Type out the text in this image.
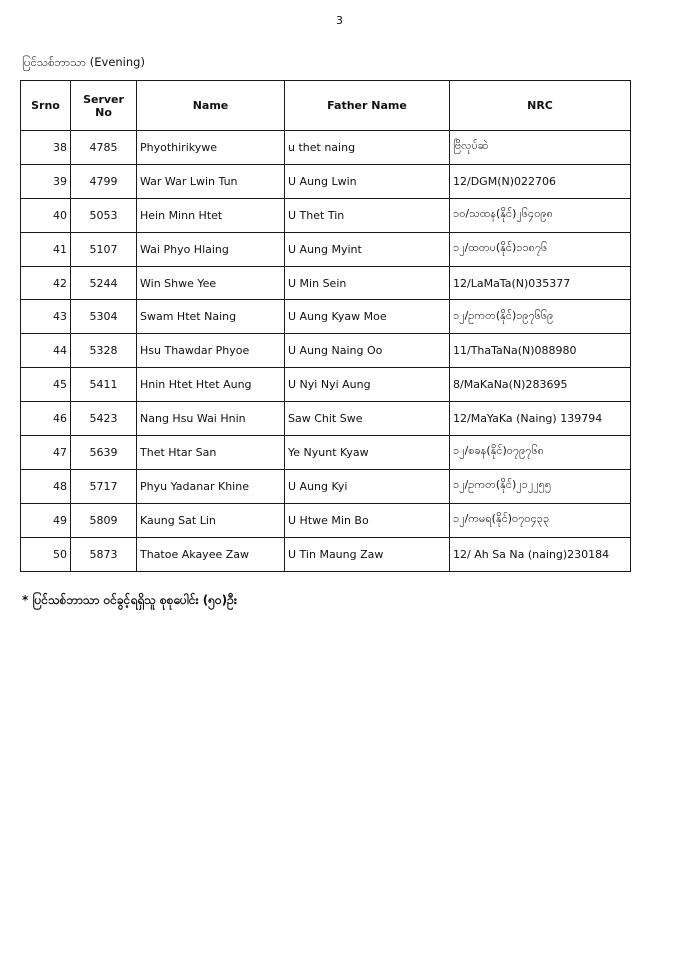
3
ပြင်သစ်ဘာသာ (Evening)
Srno	Server
No	Name	Father Name	NRC
38	4785	Phyothirikywe	u thet naing	ဗြိလုပ်ဆဲ
39	4799	War War Lwin Tun	U Aung Lwin	12/DGM(N)022706
40	5053	Hein Minn Htet	U Thet Tin	၁၀/သထန(နိုင်)၂၆၄၀၉၈
41	5107	Wai Phyo Hlaing	U Aung Myint	၁၂/ထတပ(နိုင်)၁၁၈၇၆
42	5244	Win Shwe Yee	U Min Sein	12/LaMaTa(N)035377
43	5304	Swam Htet Naing	U Aung Kyaw Moe	၁၂/ဥကတ(နိုင်)၁၉၇၆၆၉
44	5328	Hsu Thawdar Phyoe	U Aung Naing Oo	11/ThaTaNa(N)088980
45	5411	Hnin Htet Htet Aung	U Nyi Nyi Aung	8/MaKaNa(N)283695
46	5423	Nang Hsu Wai Hnin	Saw Chit Swe	12/MaYaKa (Naing) 139794
47	5639	Thet Htar San	Ye Nyunt Kyaw	၁၂/စခန(နိုင်)၀၇၉၇၆၈
48	5717	Phyu Yadanar Khine	U Aung Kyi	၁၂/ဥကတ(နိုင်)၂၁၂၂၅၅
49	5809	Kaung Sat Lin	U Htwe Min Bo	၁၂/ကမရ(နိုင်)၀၇၀၄၃၃
50	5873	Thatoe Akayee Zaw	U Tin Maung Zaw	12/ Ah Sa Na (naing)230184
* ပြင်သစ်ဘာသာ ဝင်ခွင့်ရရှိသူ စုစုပေါင်း (၅၀)ဦး
